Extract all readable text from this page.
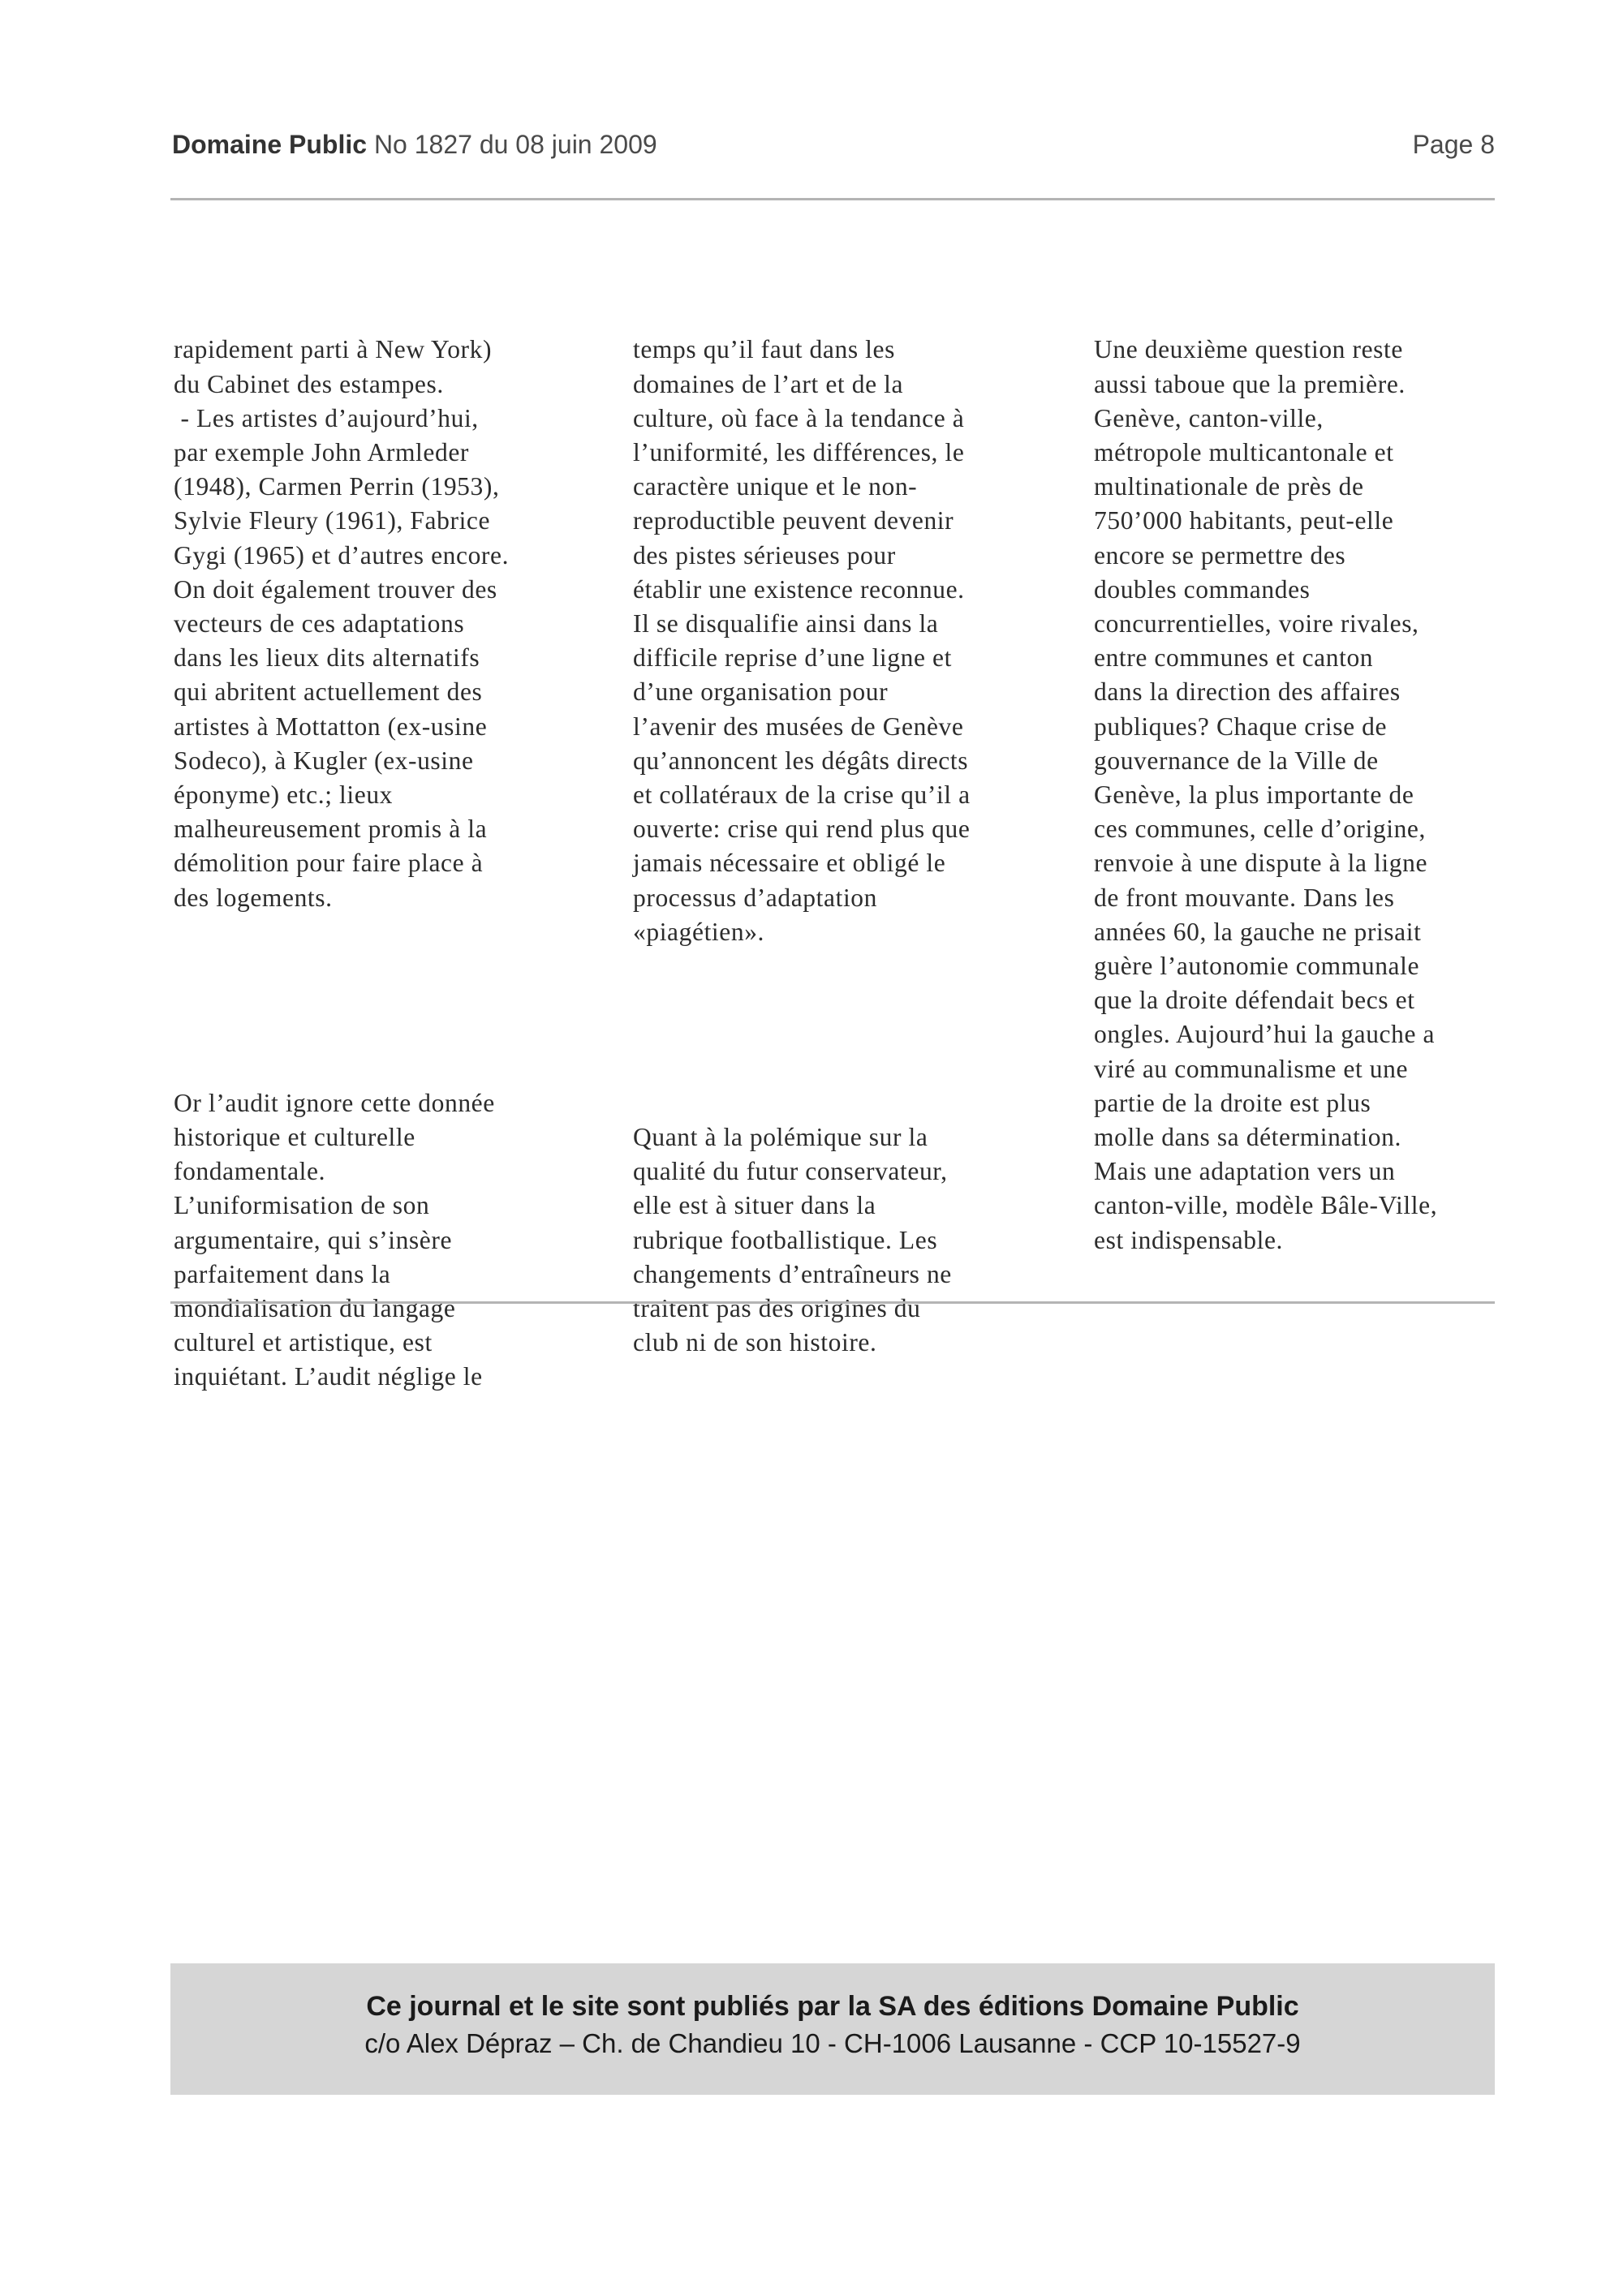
Domaine Public No 1827 du 08 juin 2009	Page 8

rapidement parti à New York)
du Cabinet des estampes.
- Les artistes d’aujourd’hui,
par exemple John Armleder
(1948), Carmen Perrin (1953),
Sylvie Fleury (1961), Fabrice
Gygi (1965) et d’autres encore.
On doit également trouver des
vecteurs de ces adaptations
dans les lieux dits alternatifs
qui abritent actuellement des
artistes à Mottatton (ex-usine
Sodeco), à Kugler (ex-usine
éponyme) etc.; lieux
malheureusement promis à la
démolition pour faire place à
des logements.

Or l’audit ignore cette donnée
historique et culturelle
fondamentale.
L’uniformisation de son
argumentaire, qui s’insère
parfaitement dans la
mondialisation du langage
culturel et artistique, est
inquiétant. L’audit néglige le

temps qu’il faut dans les
domaines de l’art et de la
culture, où face à la tendance à
l’uniformité, les différences, le
caractère unique et le non-
reproductible peuvent devenir
des pistes sérieuses pour
établir une existence reconnue.
Il se disqualifie ainsi dans la
difficile reprise d’une ligne et
d’une organisation pour
l’avenir des musées de Genève
qu’annoncent les dégâts directs
et collatéraux de la crise qu’il a
ouverte: crise qui rend plus que
jamais nécessaire et obligé le
processus d’adaptation
«piagétien».

Quant à la polémique sur la
qualité du futur conservateur,
elle est à situer dans la
rubrique footballistique. Les
changements d’entraîneurs ne
traitent pas des origines du
club ni de son histoire.

Une deuxième question reste
aussi taboue que la première.
Genève, canton-ville,
métropole multicantonale et
multinationale de près de
750’000 habitants, peut-elle
encore se permettre des
doubles commandes
concurrentielles, voire rivales,
entre communes et canton
dans la direction des affaires
publiques? Chaque crise de
gouvernance de la Ville de
Genève, la plus importante de
ces communes, celle d’origine,
renvoie à une dispute à la ligne
de front mouvante. Dans les
années 60, la gauche ne prisait
guère l’autonomie communale
que la droite défendait becs et
ongles. Aujourd’hui la gauche a
viré au communalisme et une
partie de la droite est plus
molle dans sa détermination.
Mais une adaptation vers un
canton-ville, modèle Bâle-Ville,
est indispensable.

Ce journal et le site sont publiés par la SA des éditions Domaine Public
c/o Alex Dépraz – Ch. de Chandieu 10 - CH-1006 Lausanne - CCP 10-15527-9
